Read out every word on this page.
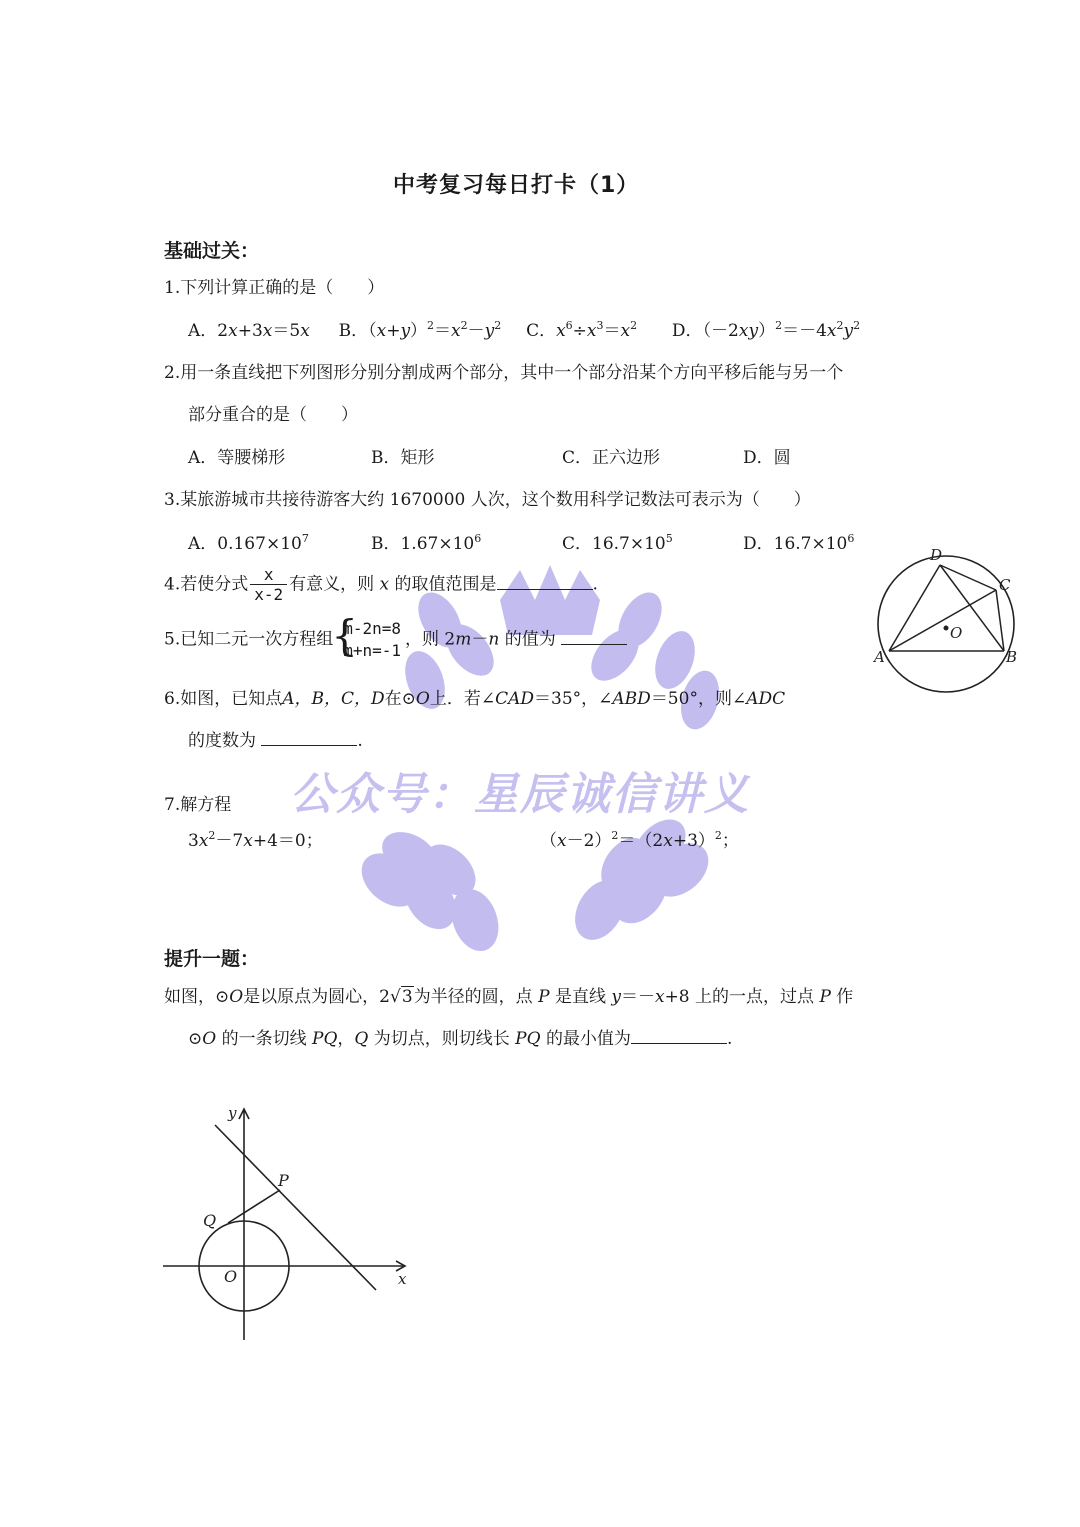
公众号：星辰诚信讲义
中考复习每日打卡（1）
基础过关：
1.下列计算正确的是（　　）
A．2x+3x＝5x B．$(x+y)^2=x^2-y^2$ C．$x^6\div x^3=x^2$ D．$(-2xy)^2=-4x^2y^2$
2.用一条直线把下列图形分别分割成两个部分，其中一个部分沿某个方向平移后能与另一个
部分重合的是（　　）
A．等腰梯形	B．矩形	C．正六边形	D．圆
3.某旅游城市共接待游客大约 1670000 人次，这个数用科学记数法可表示为（　　）
A．$0.167\times 10^7$	B．$1.67\times 10^6$	C．$16.7\times 10^5$	D．$16.7\times 10^6$
4.若使分式 $\frac{x}{x-2}$ 有意义，则 x 的取值范围是	.
5.已知二元一次方程组
{
m-2n=8
m+n=-1
，则 2m－n 的值为
6.如图，已知点A，B，C，D在⊙O上．若∠CAD＝35°，∠ABD＝50°，则∠ADC
的度数为	.
D
C
A	B
O
7.解方程
$3x^2-7x+4=0$；	$(x-2)^2=(2x+3)^2$；
提升一题：
如图，⊙O是以原点为圆心，2√3为半径的圆，点 P 是直线 y＝－x+8 上的一点，过点 P 作
⊙O 的一条切线 PQ，Q 为切点，则切线长 PQ 的最小值为	.
y
x
P
Q
O
